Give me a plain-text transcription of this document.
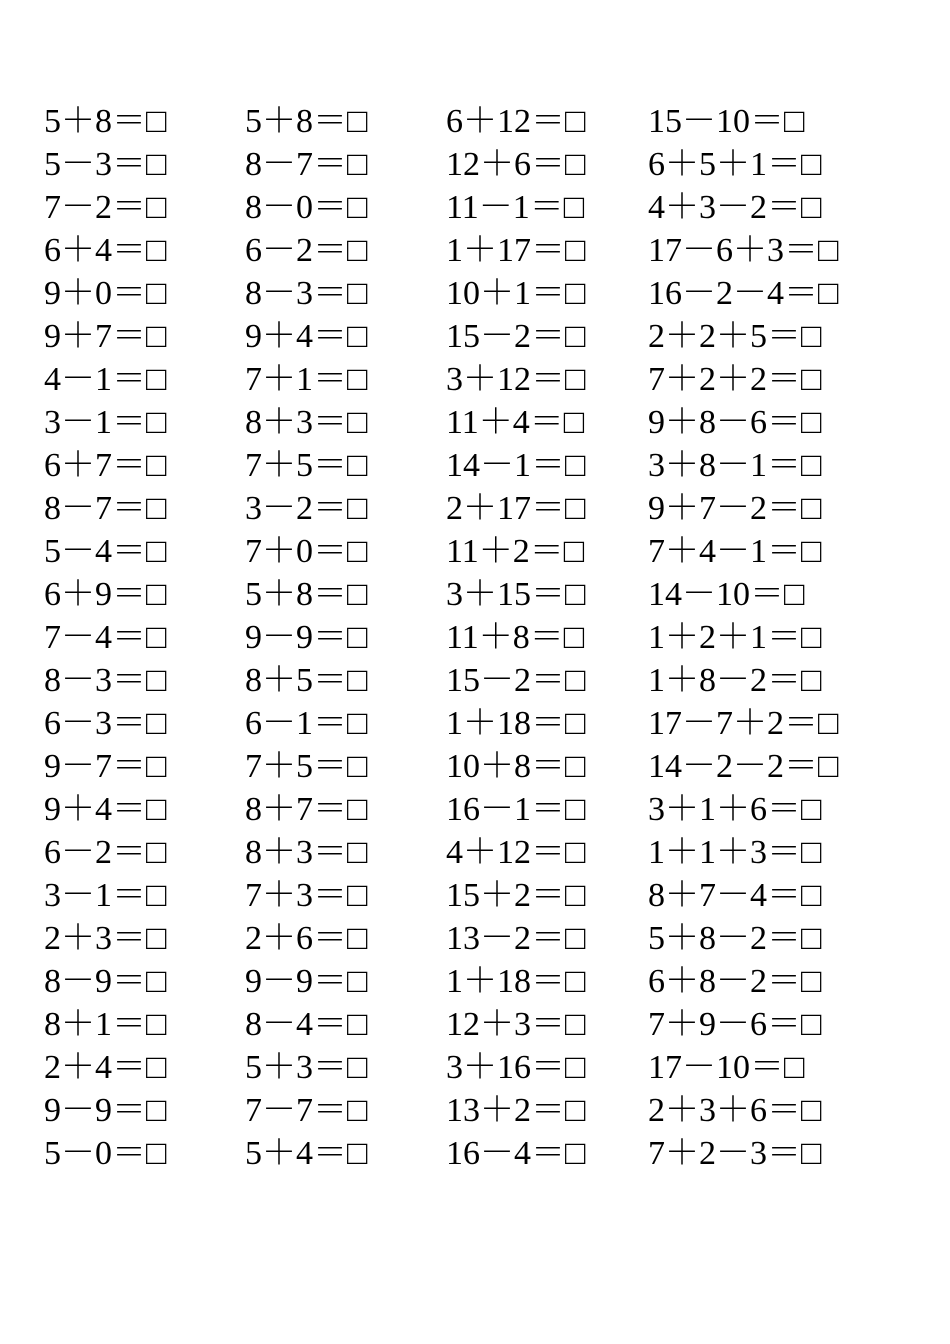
5＋8＝□ 5＋8＝□ 6＋12＝□ 15－10＝□
5－3＝□ 8－7＝□ 12＋6＝□ 6＋5＋1＝□
7－2＝□ 8－0＝□ 11－1＝□ 4＋3－2＝□
6＋4＝□ 6－2＝□ 1＋17＝□ 17－6＋3＝□
9＋0＝□ 8－3＝□ 10＋1＝□ 16－2－4＝□
9＋7＝□ 9＋4＝□ 15－2＝□ 2＋2＋5＝□
4－1＝□ 7＋1＝□ 3＋12＝□ 7＋2＋2＝□
3－1＝□ 8＋3＝□ 11＋4＝□ 9＋8－6＝□
6＋7＝□ 7＋5＝□ 14－1＝□ 3＋8－1＝□
8－7＝□ 3－2＝□ 2＋17＝□ 9＋7－2＝□
5－4＝□ 7＋0＝□ 11＋2＝□ 7＋4－1＝□
6＋9＝□ 5＋8＝□ 3＋15＝□ 14－10＝□
7－4＝□ 9－9＝□ 11＋8＝□ 1＋2＋1＝□
8－3＝□ 8＋5＝□ 15－2＝□ 1＋8－2＝□
6－3＝□ 6－1＝□ 1＋18＝□ 17－7＋2＝□
9－7＝□ 7＋5＝□ 10＋8＝□ 14－2－2＝□
9＋4＝□ 8＋7＝□ 16－1＝□ 3＋1＋6＝□
6－2＝□ 8＋3＝□ 4＋12＝□ 1＋1＋3＝□
3－1＝□ 7＋3＝□ 15＋2＝□ 8＋7－4＝□
2＋3＝□ 2＋6＝□ 13－2＝□ 5＋8－2＝□
8－9＝□ 9－9＝□ 1＋18＝□ 6＋8－2＝□
8＋1＝□ 8－4＝□ 12＋3＝□ 7＋9－6＝□
2＋4＝□ 5＋3＝□ 3＋16＝□ 17－10＝□
9－9＝□ 7－7＝□ 13＋2＝□ 2＋3＋6＝□
5－0＝□ 5＋4＝□ 16－4＝□ 7＋2－3＝□
